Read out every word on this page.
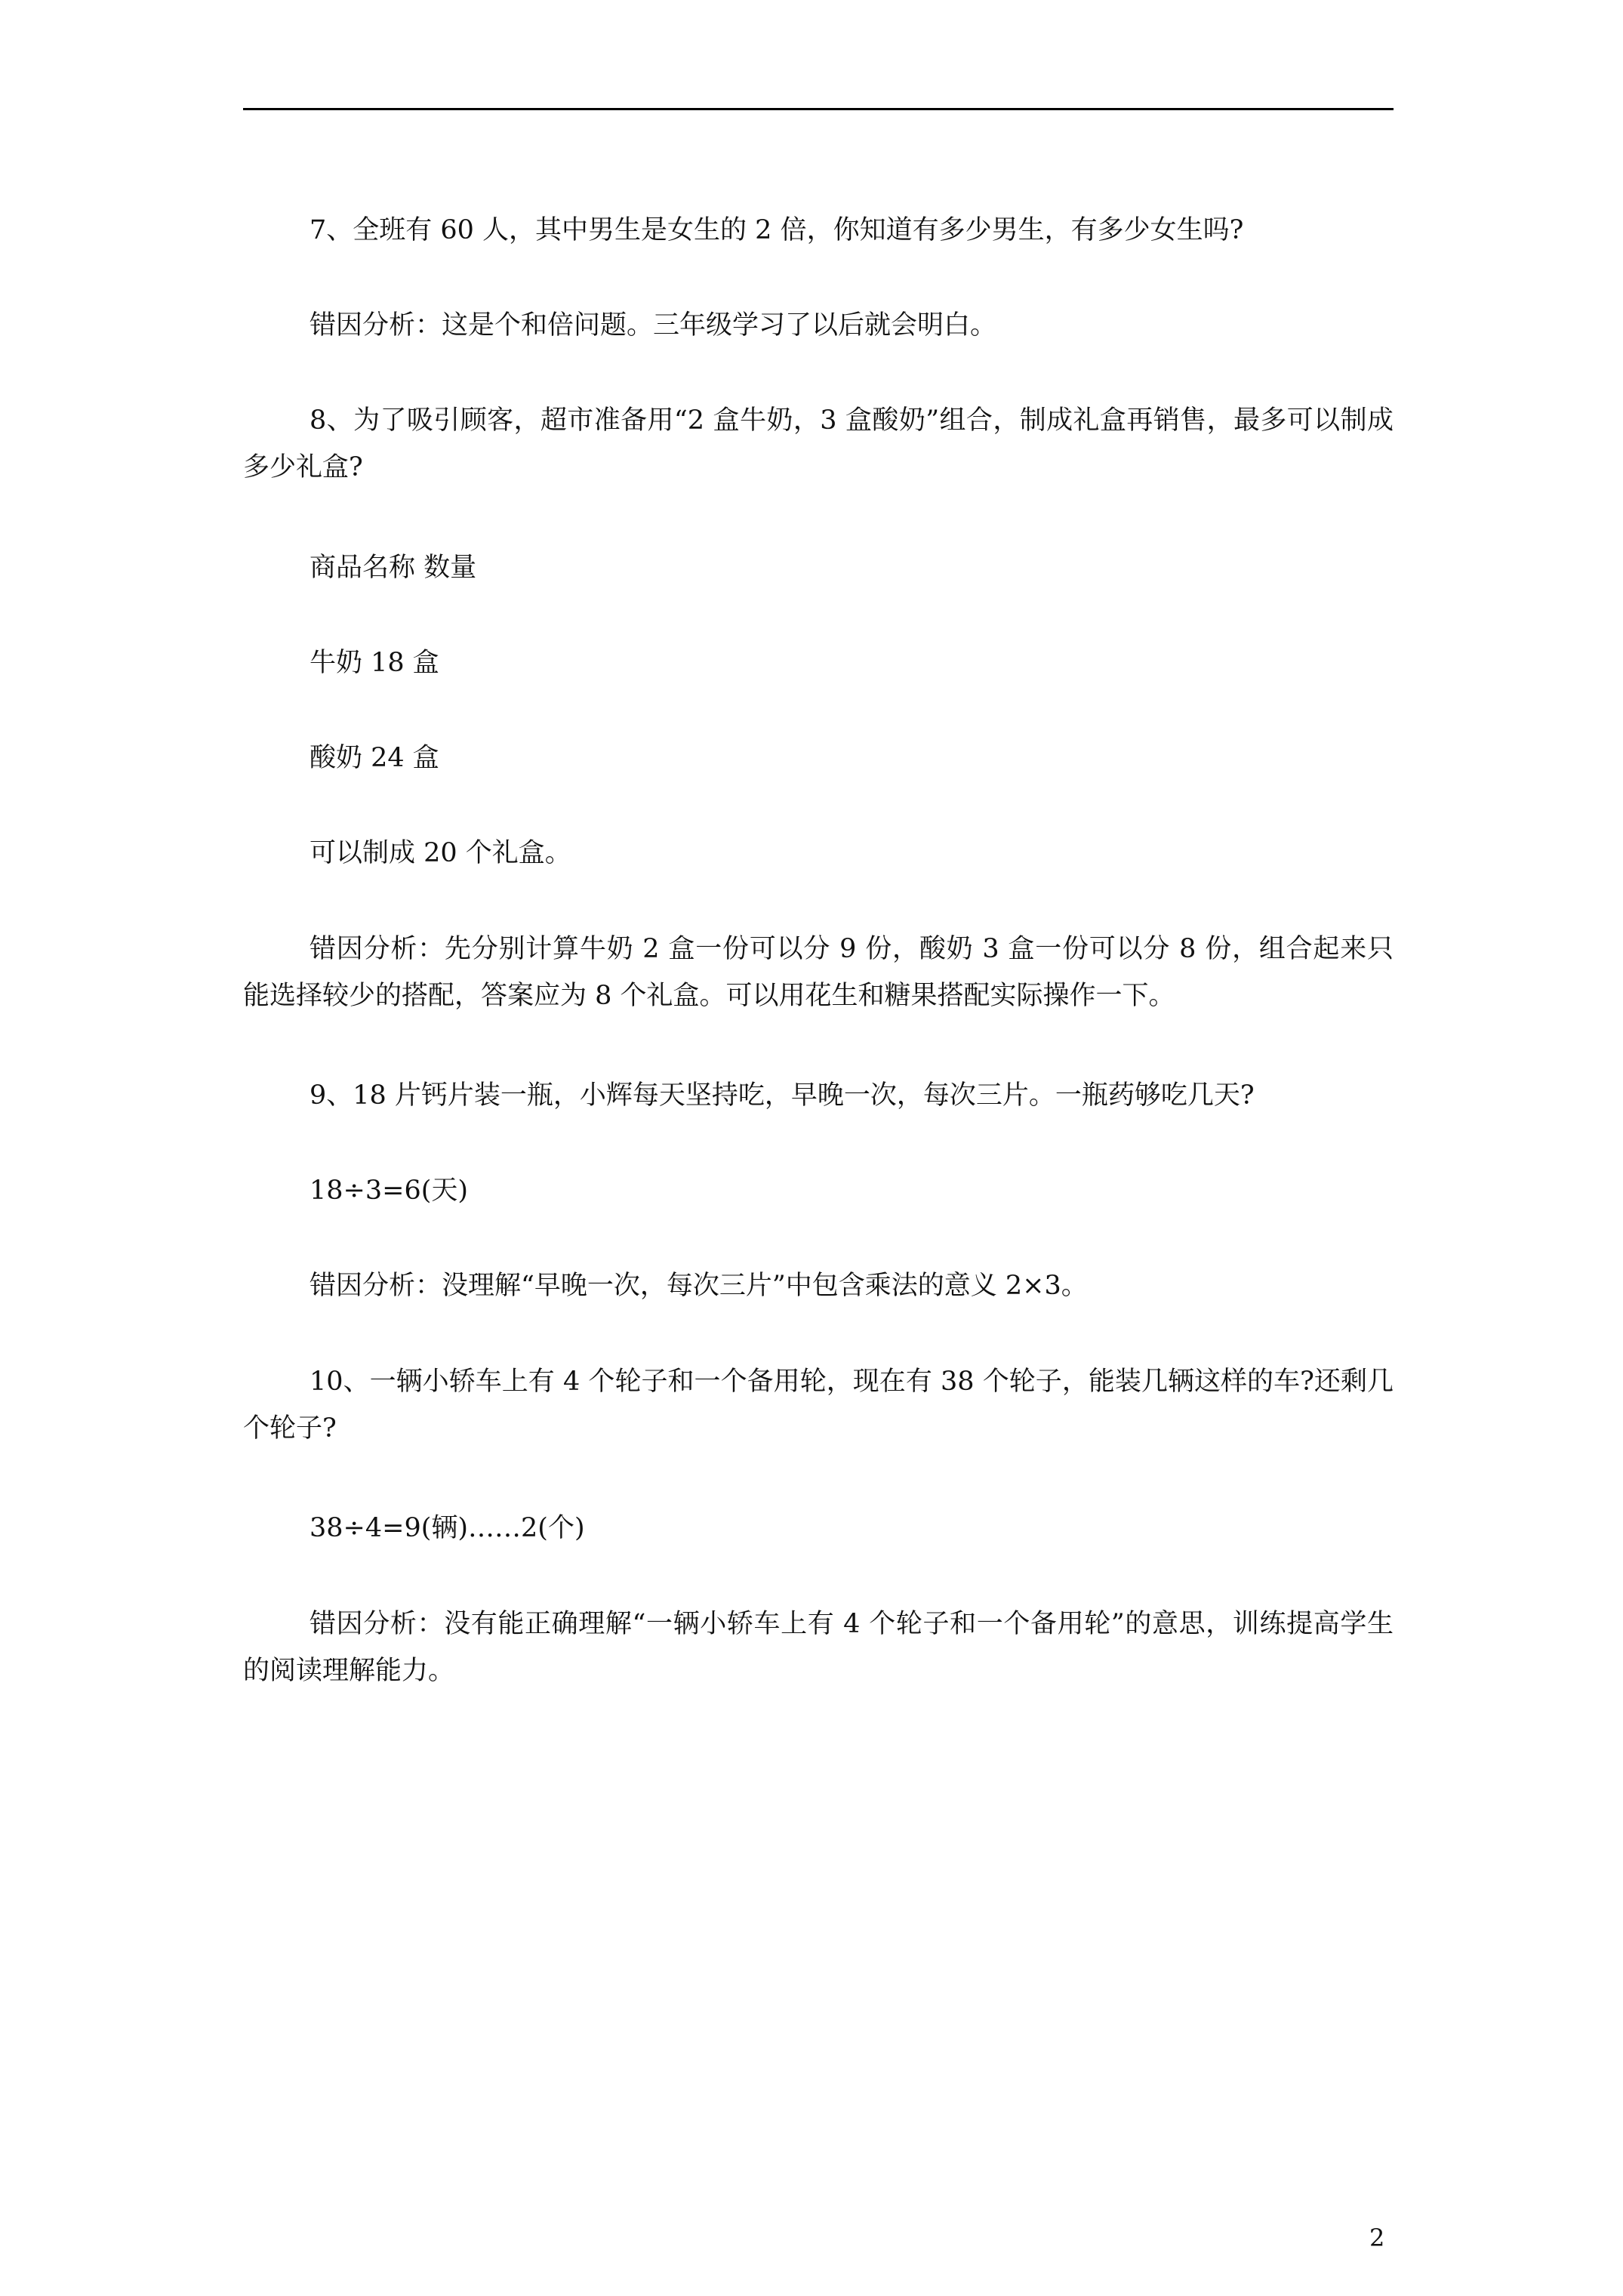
7、全班有 60 人，其中男生是女生的 2 倍，你知道有多少男生，有多少女生吗?

错因分析：这是个和倍问题。三年级学习了以后就会明白。

8、为了吸引顾客，超市准备用“2 盒牛奶，3 盒酸奶”组合，制成礼盒再销售，最多可以制成多少礼盒?

商品名称 数量

牛奶 18 盒

酸奶 24 盒

可以制成 20 个礼盒。

错因分析：先分别计算牛奶 2 盒一份可以分 9 份，酸奶 3 盒一份可以分 8 份，组合起来只能选择较少的搭配，答案应为 8 个礼盒。可以用花生和糖果搭配实际操作一下。

9、18 片钙片装一瓶，小辉每天坚持吃，早晚一次，每次三片。一瓶药够吃几天?

18÷3=6(天)

错因分析：没理解“早晚一次，每次三片”中包含乘法的意义 2×3。

10、一辆小轿车上有 4 个轮子和一个备用轮，现在有 38 个轮子，能装几辆这样的车?还剩几个轮子?

38÷4=9(辆)……2(个)

错因分析：没有能正确理解“一辆小轿车上有 4 个轮子和一个备用轮”的意思，训练提高学生的阅读理解能力。

2
